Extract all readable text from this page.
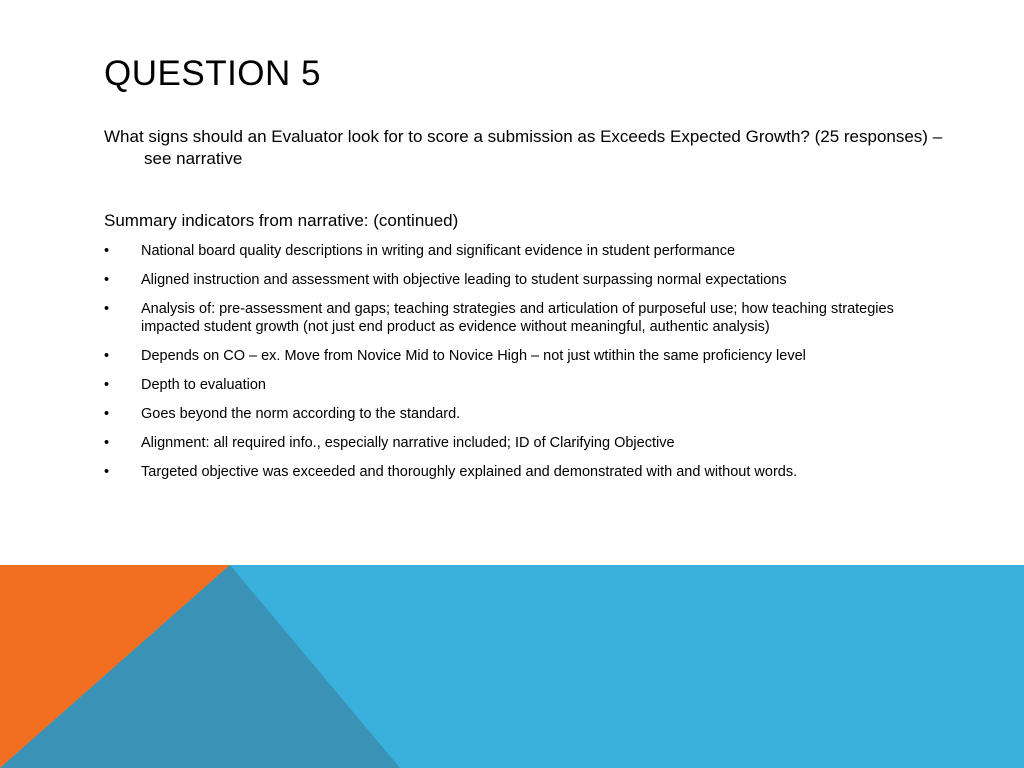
QUESTION 5

What signs should an Evaluator look for to score a submission as Exceeds Expected Growth? (25 responses) – see narrative

Summary indicators from narrative: (continued)

•	National board quality descriptions in writing and significant evidence in student performance
•	Aligned instruction and assessment with objective leading to student surpassing normal expectations
•	Analysis of: pre-assessment and gaps; teaching strategies and articulation of purposeful use; how teaching strategies impacted student growth (not just end product as evidence without meaningful, authentic analysis)
•	Depends on CO – ex. Move from Novice Mid to Novice High – not just wtithin the same proficiency level
•	Depth to evaluation
•	Goes beyond the norm according to the standard.
•	Alignment: all required info., especially narrative included; ID of Clarifying Objective
•	Targeted objective was exceeded and thoroughly explained and demonstrated with and without words.
